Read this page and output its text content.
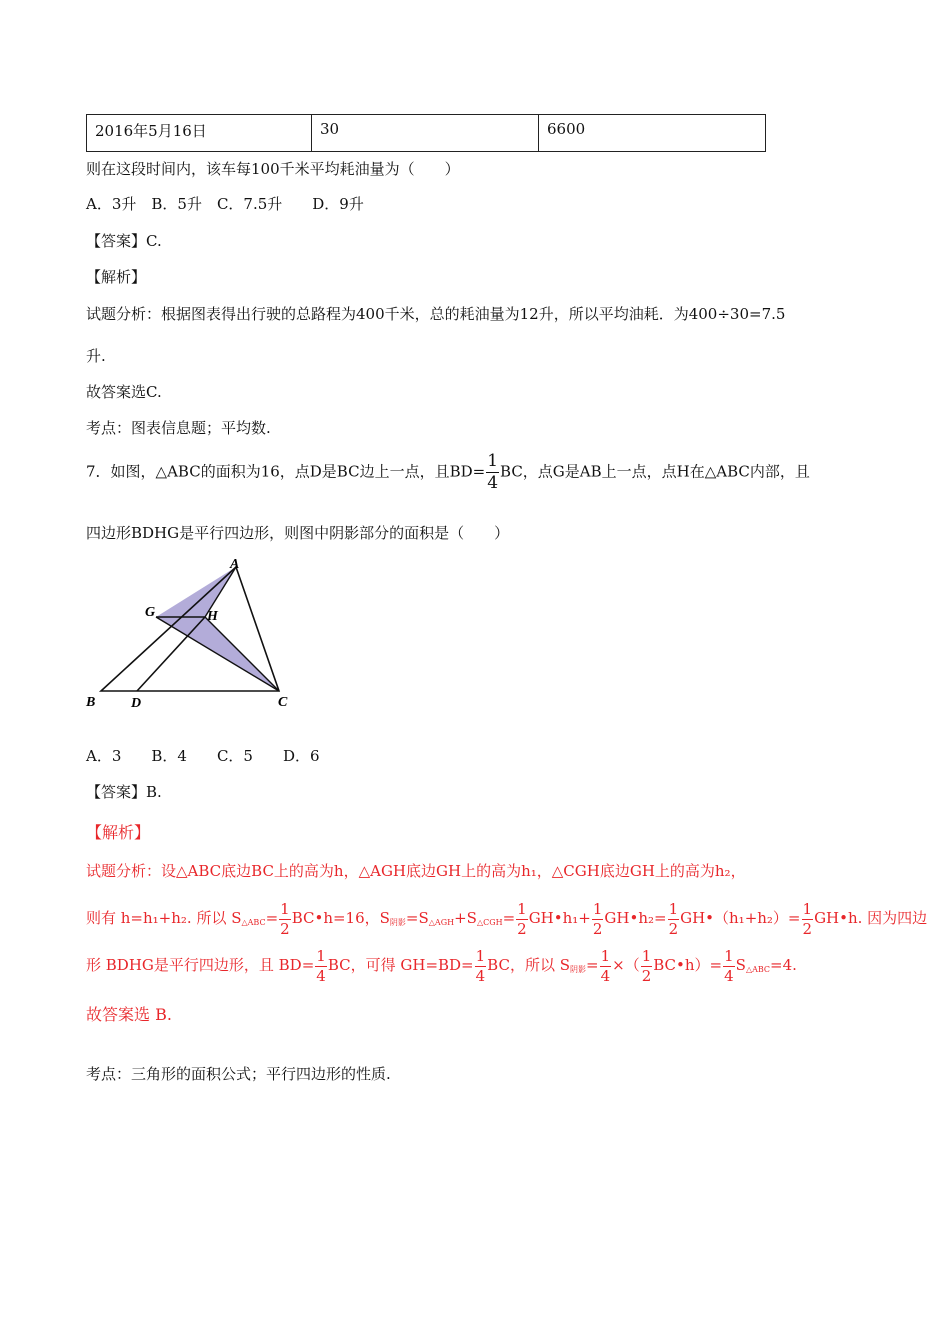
2016年5月16日	30	6600
则在这段时间内，该车每100千米平均耗油量为（　　）
A．3升　B．5升　C．7.5升　　D．9升
【答案】C.
【解析】
试题分析：根据图表得出行驶的总路程为400千米，总的耗油量为12升，所以平均油耗．为400÷30=7.5
升.
故答案选C.
考点：图表信息题；平均数.
7．如图，△ABC的面积为16，点D是BC边上一点，且$BD= \frac{1}{4}$ BC，点G是AB上一点，点H在△ABC内部，且
四边形BDHG是平行四边形，则图中阴影部分的面积是（　　）
A
G	H
B	D	C
A．3　　B．4　　C．5　　D．6
【答案】B.
【解析】
试题分析：设△ABC底边BC上的高为h，△AGH底边GH上的高为h₁，△CGH底边GH上的高为h₂，
则有 h=h₁+h₂. 所以 S△ABC= $\frac{1}{2}$ BC•h=16，S阴影=S△AGH+S△CGH= $\frac{1}{2}$ GH•h₁+ $\frac{1}{2}$ GH•h₂= $\frac{1}{2}$ GH•（h₁+h₂）= $\frac{1}{2}$ GH•h. 因为四边
形 BDHG是平行四边形，且 $BD= \frac{1}{4}$ BC，可得 $GH=BD= \frac{1}{4}$ BC，所以 S阴影= $\frac{1}{4}$ ×（ $\frac{1}{2}$ BC•h）= $\frac{1}{4}$ S△ABC=4.
故答案选 B.
考点：三角形的面积公式；平行四边形的性质.
